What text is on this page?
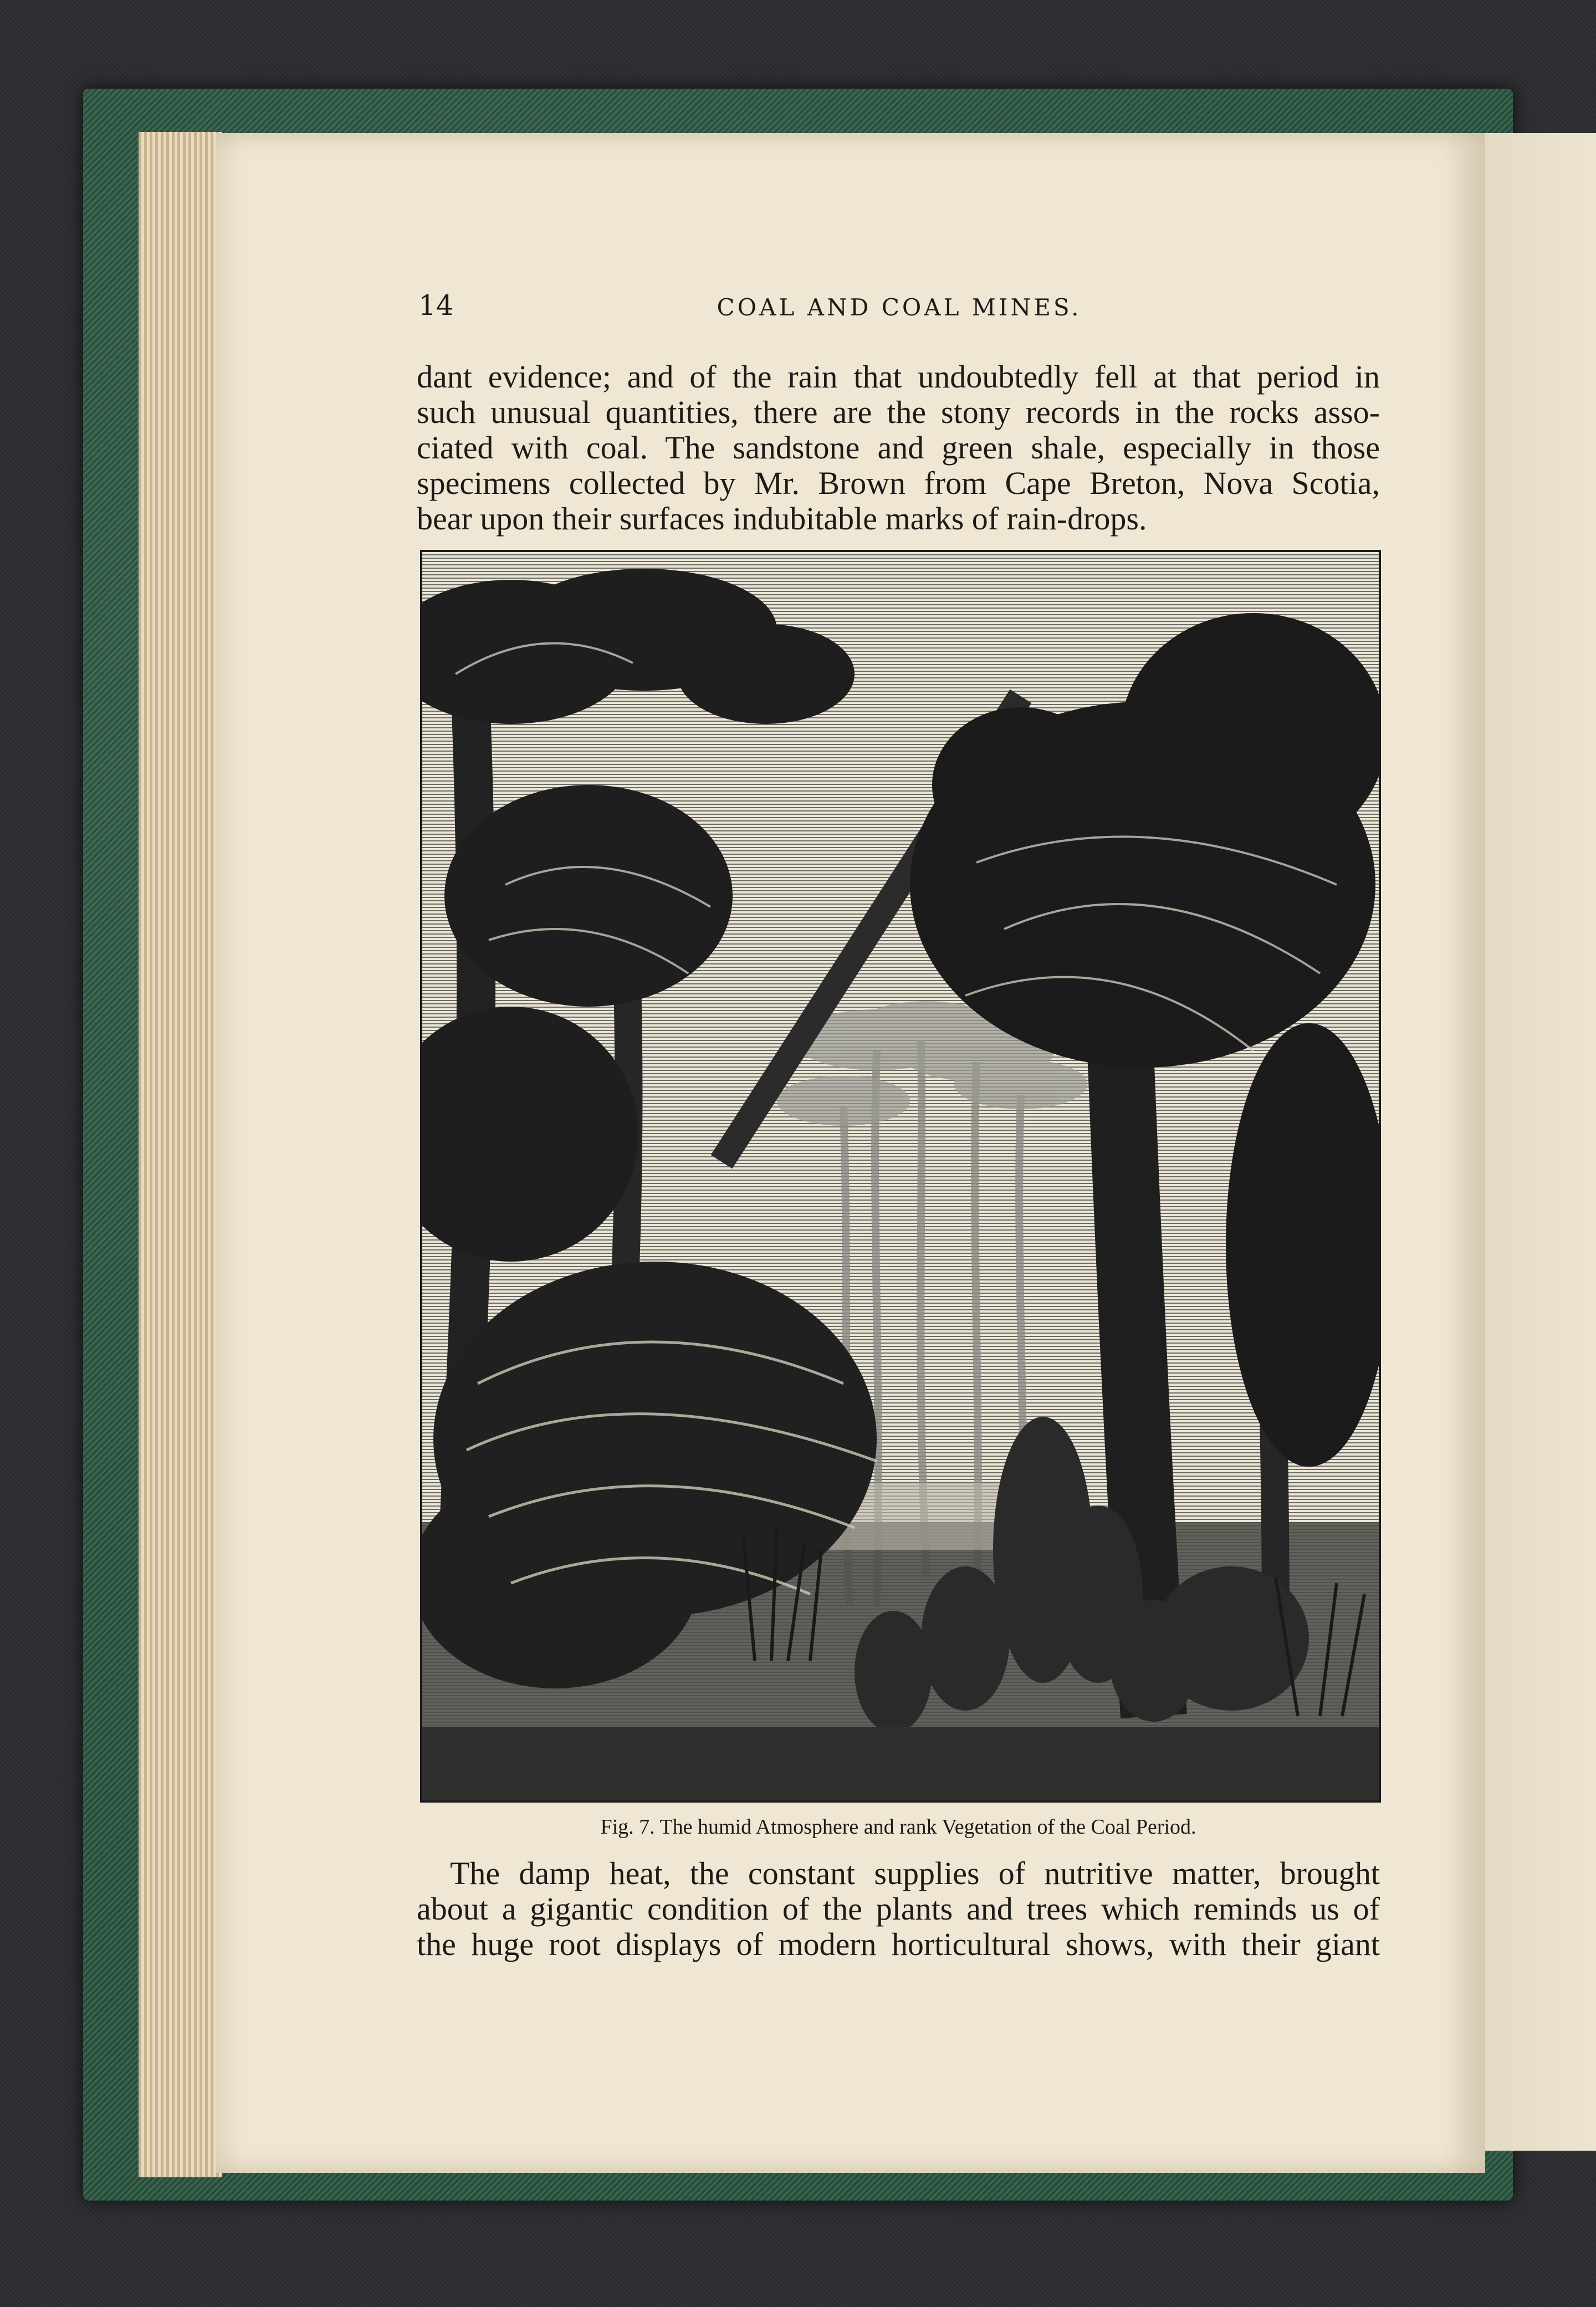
14	COAL AND COAL MINES.

dant evidence; and of the rain that undoubtedly fell at that period in
such unusual quantities, there are the stony records in the rocks asso-
ciated with coal. The sandstone and green shale, especially in those
specimens collected by Mr. Brown from Cape Breton, Nova Scotia,
bear upon their surfaces indubitable marks of rain-drops.

Fig. 7. The humid Atmosphere and rank Vegetation of the Coal Period.

The damp heat, the constant supplies of nutritive matter, brought
about a gigantic condition of the plants and trees which reminds us of
the huge root displays of modern horticultural shows, with their giant
